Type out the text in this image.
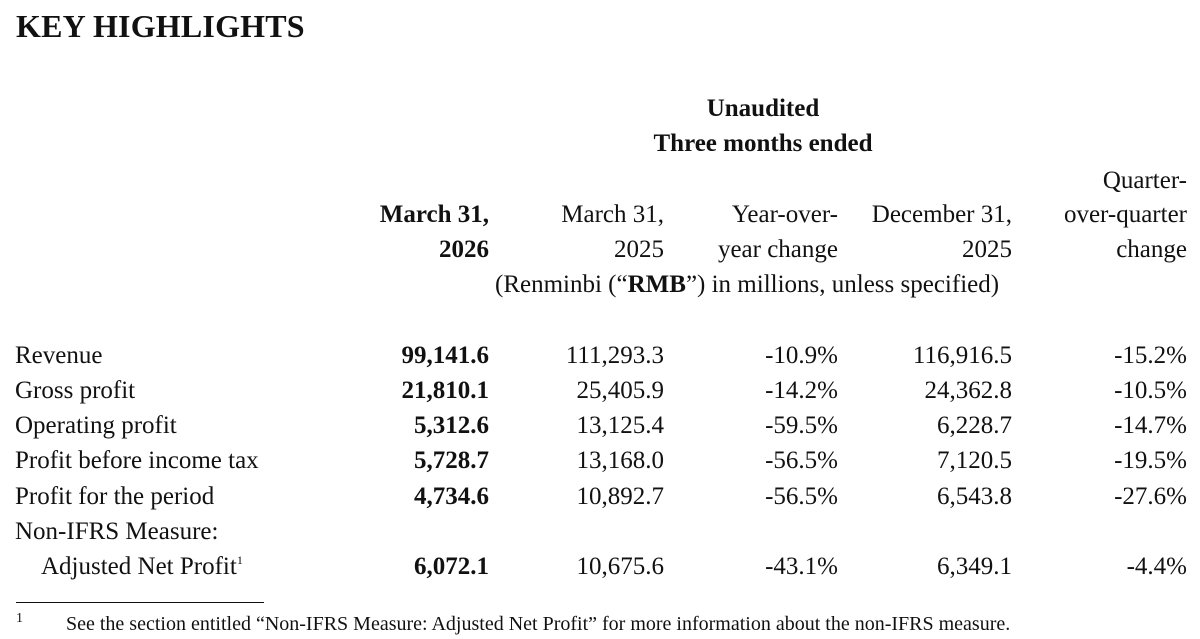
KEY HIGHLIGHTS
Unaudited
Three months ended
March 31,
2026
March 31,
2025
Year-over-
year change
December 31,
2025
Quarter-
over-quarter
change
(Renminbi (“RMB”) in millions, unless specified)
Revenue	99,141.6	111,293.3	-10.9%	116,916.5	-15.2%
Gross profit	21,810.1	25,405.9	-14.2%	24,362.8	-10.5%
Operating profit	5,312.6	13,125.4	-59.5%	6,228.7	-14.7%
Profit before income tax	5,728.7	13,168.0	-56.5%	7,120.5	-19.5%
Profit for the period	4,734.6	10,892.7	-56.5%	6,543.8	-27.6%
Non-IFRS Measure:
Adjusted Net Profit$^1$	6,072.1	10,675.6	-43.1%	6,349.1	-4.4%
1 See the section entitled “Non-IFRS Measure: Adjusted Net Profit” for more information about the non-IFRS measure.
